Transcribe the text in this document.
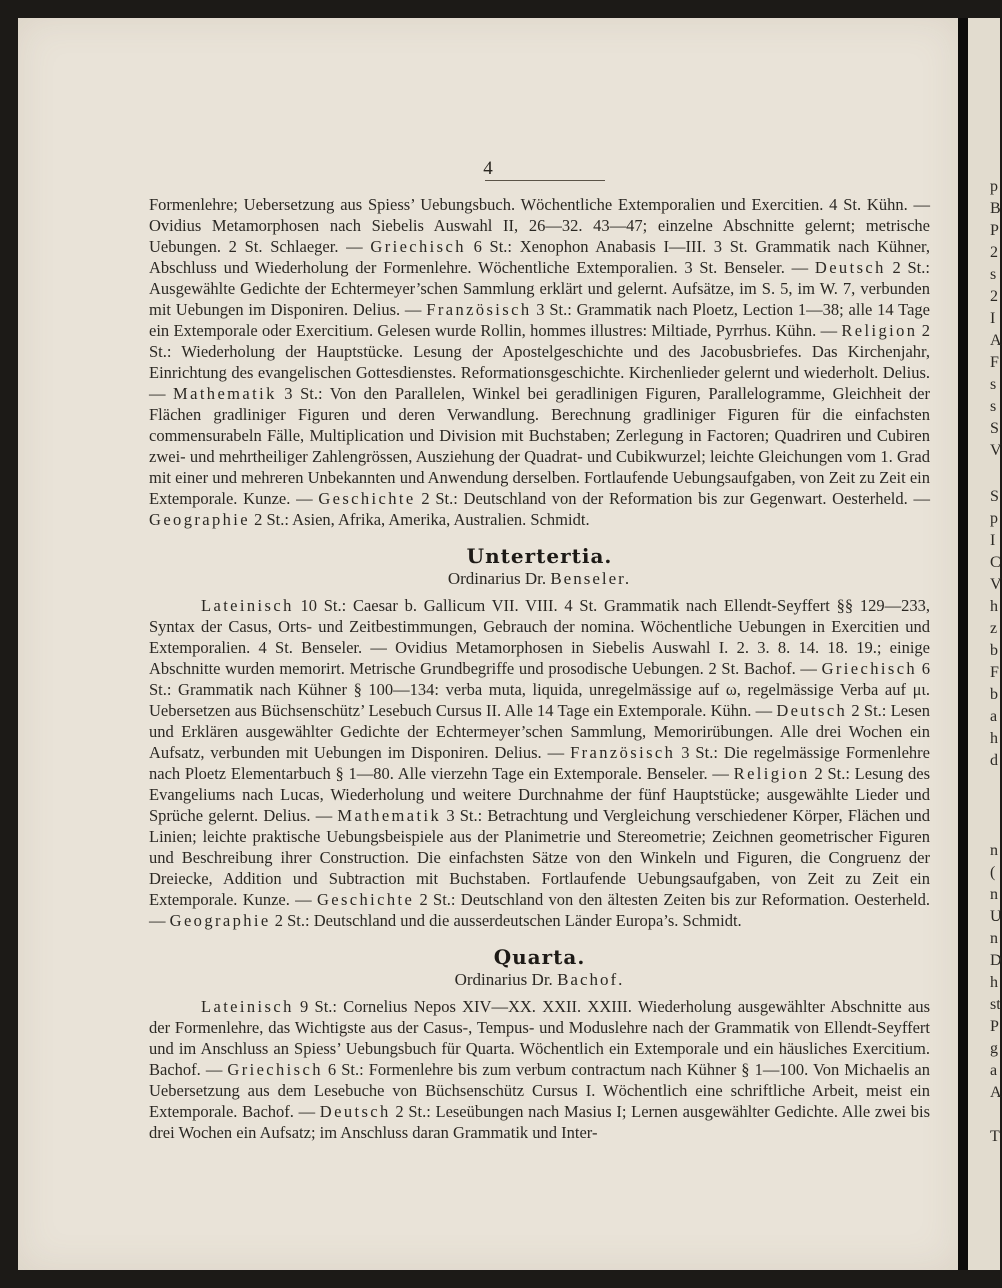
4

Formenlehre; Uebersetzung aus Spiess’ Uebungsbuch. Wöchentliche Extemporalien und Exercitien. 4 St. Kühn. — Ovidius Metamorphosen nach Siebelis Auswahl II, 26—32. 43—47; einzelne Abschnitte gelernt; metrische Uebungen. 2 St. Schlaeger. — Griechisch 6 St.: Xenophon Anabasis I—III. 3 St. Grammatik nach Kühner, Abschluss und Wiederholung der Formenlehre. Wöchentliche Extemporalien. 3 St. Benseler. — Deutsch 2 St.: Ausgewählte Gedichte der Echtermeyer’schen Sammlung erklärt und gelernt. Aufsätze, im S. 5, im W. 7, verbunden mit Uebungen im Disponiren. Delius. — Französisch 3 St.: Grammatik nach Ploetz, Lection 1—38; alle 14 Tage ein Extemporale oder Exercitium. Gelesen wurde Rollin, hommes illustres: Miltiade, Pyrrhus. Kühn. — Religion 2 St.: Wiederholung der Hauptstücke. Lesung der Apostelgeschichte und des Jacobusbriefes. Das Kirchenjahr, Einrichtung des evangelischen Gottesdienstes. Reformationsgeschichte. Kirchenlieder gelernt und wiederholt. Delius. — Mathematik 3 St.: Von den Parallelen, Winkel bei geradlinigen Figuren, Parallelogramme, Gleichheit der Flächen gradliniger Figuren und deren Verwandlung. Berechnung gradliniger Figuren für die einfachsten commensurabeln Fälle, Multiplication und Division mit Buchstaben; Zerlegung in Factoren; Quadriren und Cubiren zwei- und mehrtheiliger Zahlengrössen, Ausziehung der Quadrat- und Cubikwurzel; leichte Gleichungen vom 1. Grad mit einer und mehreren Unbekannten und Anwendung derselben. Fortlaufende Uebungsaufgaben, von Zeit zu Zeit ein Extemporale. Kunze. — Geschichte 2 St.: Deutschland von der Reformation bis zur Gegenwart. Oesterheld. — Geographie 2 St.: Asien, Afrika, Amerika, Australien. Schmidt.

Untertertia.
Ordinarius Dr. Benseler.

Lateinisch 10 St.: Caesar b. Gallicum VII. VIII. 4 St. Grammatik nach Ellendt-Seyffert §§ 129—233, Syntax der Casus, Orts- und Zeitbestimmungen, Gebrauch der nomina. Wöchentliche Uebungen in Exercitien und Extemporalien. 4 St. Benseler. — Ovidius Metamorphosen in Siebelis Auswahl I. 2. 3. 8. 14. 18. 19.; einige Abschnitte wurden memorirt. Metrische Grundbegriffe und prosodische Uebungen. 2 St. Bachof. — Griechisch 6 St.: Grammatik nach Kühner § 100—134: verba muta, liquida, unregelmässige auf ω, regelmässige Verba auf μι. Uebersetzen aus Büchsenschütz’ Lesebuch Cursus II. Alle 14 Tage ein Extemporale. Kühn. — Deutsch 2 St.: Lesen und Erklären ausgewählter Gedichte der Echtermeyer’schen Sammlung, Memorirübungen. Alle drei Wochen ein Aufsatz, verbunden mit Uebungen im Disponiren. Delius. — Französisch 3 St.: Die regelmässige Formenlehre nach Ploetz Elementarbuch § 1—80. Alle vierzehn Tage ein Extemporale. Benseler. — Religion 2 St.: Lesung des Evangeliums nach Lucas, Wiederholung und weitere Durchnahme der fünf Hauptstücke; ausgewählte Lieder und Sprüche gelernt. Delius. — Mathematik 3 St.: Betrachtung und Vergleichung verschiedener Körper, Flächen und Linien; leichte praktische Uebungsbeispiele aus der Planimetrie und Stereometrie; Zeichnen geometrischer Figuren und Beschreibung ihrer Construction. Die einfachsten Sätze von den Winkeln und Figuren, die Congruenz der Dreiecke, Addition und Subtraction mit Buchstaben. Fortlaufende Uebungsaufgaben, von Zeit zu Zeit ein Extemporale. Kunze. — Geschichte 2 St.: Deutschland von den ältesten Zeiten bis zur Reformation. Oesterheld. — Geographie 2 St.: Deutschland und die ausserdeutschen Länder Europa’s. Schmidt.

Quarta.
Ordinarius Dr. Bachof.

Lateinisch 9 St.: Cornelius Nepos XIV—XX. XXII. XXIII. Wiederholung ausgewählter Abschnitte aus der Formenlehre, das Wichtigste aus der Casus-, Tempus- und Moduslehre nach der Grammatik von Ellendt-Seyffert und im Anschluss an Spiess’ Uebungsbuch für Quarta. Wöchentlich ein Extemporale und ein häusliches Exercitium. Bachof. — Griechisch 6 St.: Formenlehre bis zum verbum contractum nach Kühner § 1—100. Von Michaelis an Uebersetzung aus dem Lesebuche von Büchsenschütz Cursus I. Wöchentlich eine schriftliche Arbeit, meist ein Extemporale. Bachof. — Deutsch 2 St.: Leseübungen nach Masius I; Lernen ausgewählter Gedichte. Alle zwei bis drei Wochen ein Aufsatz; im Anschluss daran Grammatik und Inter-

p
B
P
2
s
2
I
A
F
s
s
S
V
S
p
I
C
V
h
z
b
F
b
a
h
d
n
(
n
U
n
D
h
st
P
g
a
A
T
